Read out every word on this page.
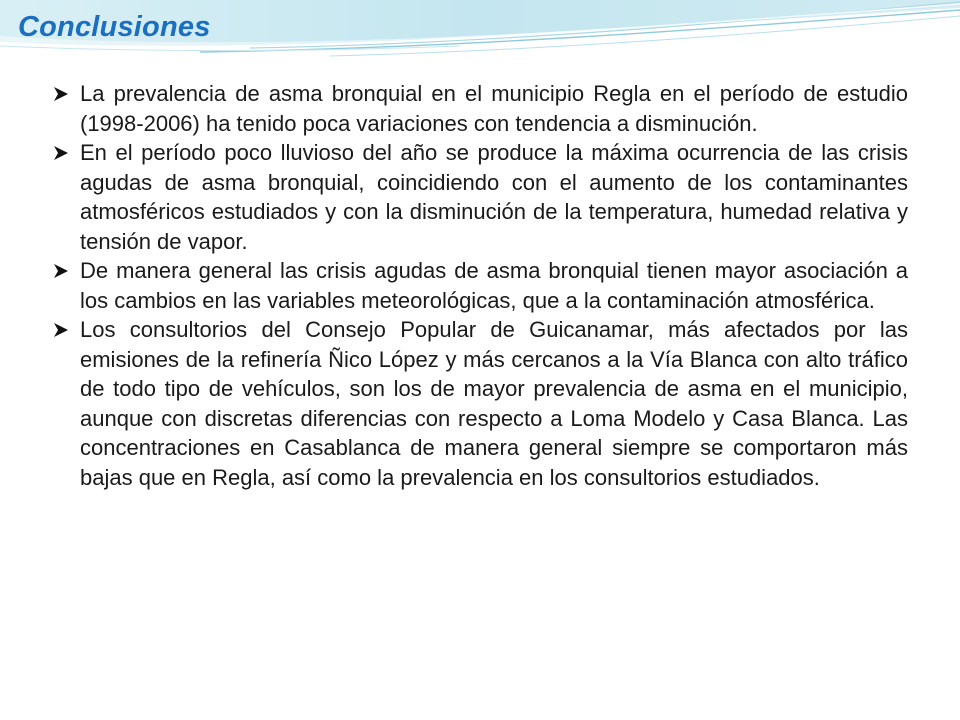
Conclusiones
La prevalencia de asma bronquial en el municipio Regla en el período de estudio (1998-2006) ha tenido poca variaciones con tendencia a disminución.
En el período poco lluvioso del año se produce la máxima ocurrencia de las crisis agudas de asma bronquial, coincidiendo con el aumento de los contaminantes atmosféricos estudiados y con la disminución de la temperatura, humedad relativa y tensión de vapor.
De manera general las crisis agudas de asma bronquial tienen mayor asociación a los cambios en las variables meteorológicas, que a la contaminación atmosférica.
Los consultorios del Consejo Popular de Guicanamar, más afectados por las emisiones de la refinería Ñico López y más cercanos a la Vía Blanca con alto tráfico de todo tipo de vehículos, son los de mayor prevalencia de asma en el municipio, aunque con discretas diferencias con respecto a Loma Modelo y Casa Blanca. Las concentraciones en Casablanca de manera general siempre se comportaron más bajas que en Regla, así como la prevalencia en los consultorios estudiados.
